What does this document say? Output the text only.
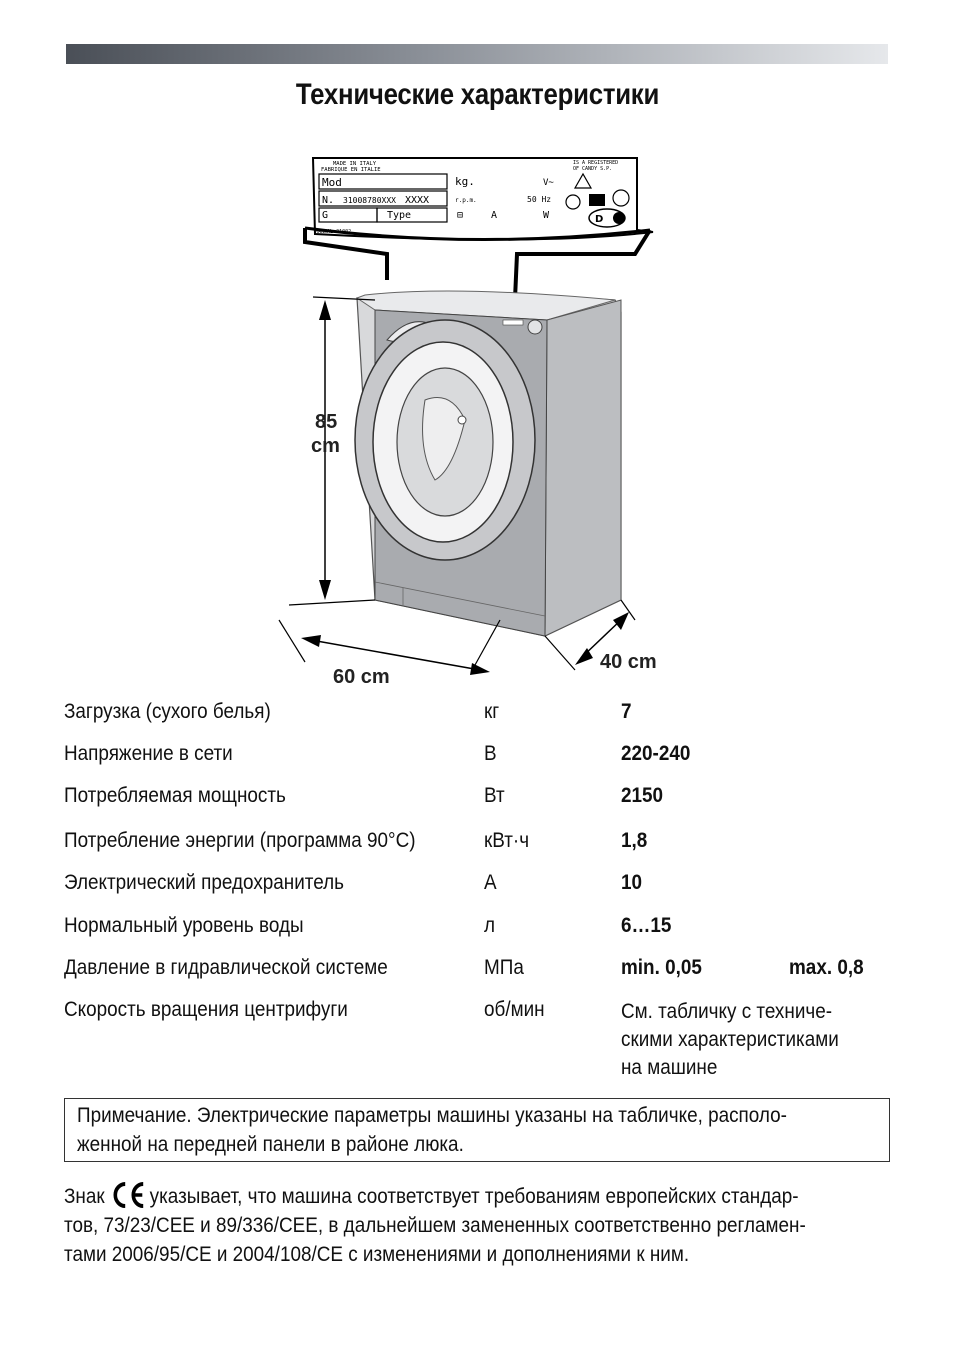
Технические характеристики
MADE IN ITALY
FABRIQUE EN ITALIE
IS A REGISTERED
OF CANDY S.P.
Mod	kg.
N. 31008780XXX XXXX	r.p.m.
G	Type	⊟	A	W
V~
50 Hz
D
MANUAL 21002
85
cm
60 cm
40 cm
Загрузка (сухого белья)	кг	7
Напряжение в сети	В	220-240
Потребляемая мощность	Вт	2150
Потребление энергии (программа 90°C)	кВт·ч	1,8
Электрический предохранитель	А	10
Нормальный уровень воды	л	6…15
Давление в гидравлической системе	МПа	min. 0,05	max. 0,8
Скорость вращения центрифуги	об/мин	См. табличку с техниче-
скими характеристиками
на машине
Примечание. Электрические параметры машины указаны на табличке, располо-
женной на передней панели в районе люка.
Знак указывает, что машина соответствует требованиям европейских стандар-
тов, 73/23/CEE и 89/336/CEE, в дальнейшем замененных соответственно регламен-
тами 2006/95/CE и 2004/108/CE с изменениями и дополнениями к ним.
